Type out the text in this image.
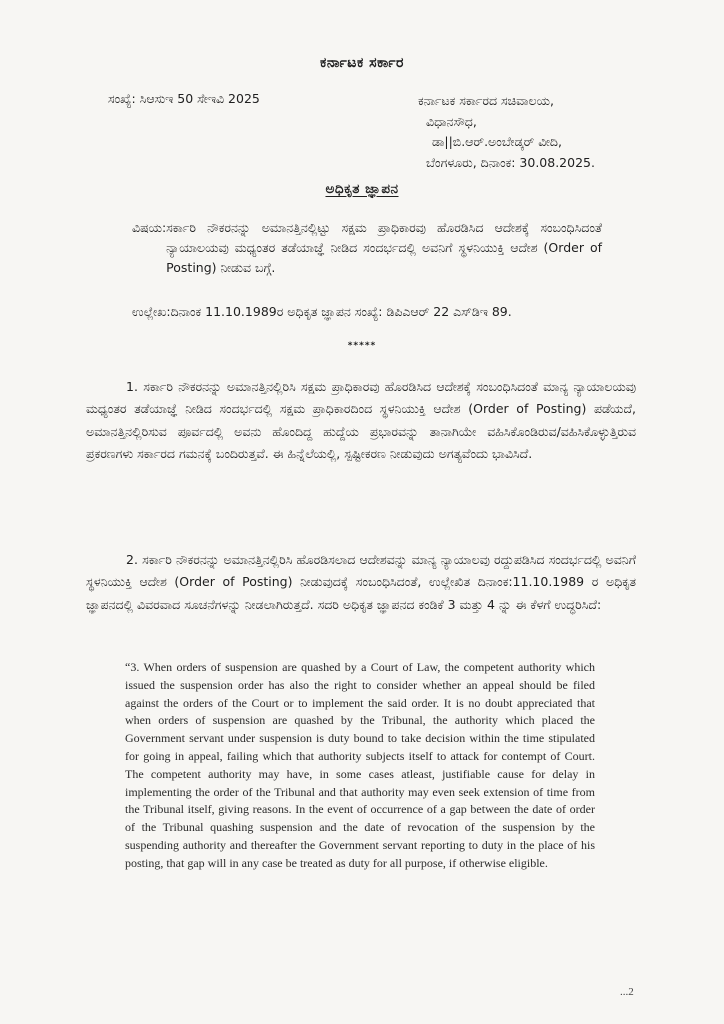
ಕರ್ನಾಟಕ ಸರ್ಕಾರ
ಸಂಖ್ಯೆ: ಸಿಆಸುಇ 50 ಸೇಇವಿ 2025	ಕರ್ನಾಟಕ ಸರ್ಕಾರದ ಸಚಿವಾಲಯ,
ವಿಧಾನಸೌಧ,
ಡಾ||ಬಿ.ಆರ್.ಅಂಬೇಡ್ಕರ್ ವೀದಿ,
ಬೆಂಗಳೂರು, ದಿನಾಂಕ: 30.08.2025.
ಅಧಿಕೃತ ಜ್ಞಾಪನ
ವಿಷಯ: ಸರ್ಕಾರಿ ನೌಕರನನ್ನು ಅಮಾನತ್ತಿನಲ್ಲಿಟ್ಟು ಸಕ್ಷಮ ಪ್ರಾಧಿಕಾರವು ಹೊರಡಿಸಿದ ಆದೇಶಕ್ಕೆ ಸಂಬಂಧಿಸಿದಂತೆ ನ್ಯಾಯಾಲಯವು ಮಧ್ಯಂತರ ತಡೆಯಾಜ್ಞೆ ನೀಡಿದ ಸಂದರ್ಭದಲ್ಲಿ ಅವನಿಗೆ ಸ್ಥಳನಿಯುಕ್ತಿ ಆದೇಶ (Order of Posting) ನೀಡುವ ಬಗ್ಗೆ.
ಉಲ್ಲೇಖ: ದಿನಾಂಕ 11.10.1989ರ ಅಧಿಕೃತ ಜ್ಞಾಪನ ಸಂಖ್ಯೆ: ಡಿಪಿಎಆರ್ 22 ಎಸ್‌ಡಿಇ 89.
*****
1. ಸರ್ಕಾರಿ ನೌಕರನನ್ನು ಅಮಾನತ್ತಿನಲ್ಲಿರಿಸಿ ಸಕ್ಷಮ ಪ್ರಾಧಿಕಾರವು ಹೊರಡಿಸಿದ ಆದೇಶಕ್ಕೆ ಸಂಬಂಧಿಸಿದಂತೆ ಮಾನ್ಯ ನ್ಯಾಯಾಲಯವು ಮಧ್ಯಂತರ ತಡೆಯಾಜ್ಞೆ ನೀಡಿದ ಸಂದರ್ಭದಲ್ಲಿ ಸಕ್ಷಮ ಪ್ರಾಧಿಕಾರದಿಂದ ಸ್ಥಳನಿಯುಕ್ತಿ ಆದೇಶ (Order of Posting) ಪಡೆಯದೆ, ಅಮಾನತ್ತಿನಲ್ಲಿರಿಸುವ ಪೂರ್ವದಲ್ಲಿ ಅವನು ಹೊಂದಿದ್ದ ಹುದ್ದೆಯ ಪ್ರಭಾರವನ್ನು ತಾನಾಗಿಯೇ ವಹಿಸಿಕೊಂಡಿರುವ/ವಹಿಸಿಕೊಳ್ಳುತ್ತಿರುವ ಪ್ರಕರಣಗಳು ಸರ್ಕಾರದ ಗಮನಕ್ಕೆ ಬಂದಿರುತ್ತವೆ. ಈ ಹಿನ್ನೆಲೆಯಲ್ಲಿ, ಸ್ಪಷ್ಟೀಕರಣ ನೀಡುವುದು ಅಗತ್ಯವೆಂದು ಭಾವಿಸಿದೆ.
2. ಸರ್ಕಾರಿ ನೌಕರನನ್ನು ಅಮಾನತ್ತಿನಲ್ಲಿರಿಸಿ ಹೊರಡಿಸಲಾದ ಆದೇಶವನ್ನು ಮಾನ್ಯ ನ್ಯಾಯಾಲವು ರದ್ದುಪಡಿಸಿದ ಸಂದರ್ಭದಲ್ಲಿ ಅವನಿಗೆ ಸ್ಥಳನಿಯುಕ್ತಿ ಆದೇಶ (Order of Posting) ನೀಡುವುದಕ್ಕೆ ಸಂಬಂಧಿಸಿದಂತೆ, ಉಲ್ಲೇಖಿತ ದಿನಾಂಕ:11.10.1989 ರ ಅಧಿಕೃತ ಜ್ಞಾಪನದಲ್ಲಿ ವಿವರವಾದ ಸೂಚನೆಗಳನ್ನು ನೀಡಲಾಗಿರುತ್ತದೆ. ಸದರಿ ಅಧಿಕೃತ ಜ್ಞಾಪನದ ಕಂಡಿಕೆ 3 ಮತ್ತು 4 ನ್ನು ಈ ಕೆಳಗೆ ಉದ್ಧರಿಸಿದೆ:
“3. When orders of suspension are quashed by a Court of Law, the competent authority which issued the suspension order has also the right to consider whether an appeal should be filed against the orders of the Court or to implement the said order. It is no doubt appreciated that when orders of suspension are quashed by the Tribunal, the authority which placed the Government servant under suspension is duty bound to take decision within the time stipulated for going in appeal, failing which that authority subjects itself to attack for contempt of Court. The competent authority may have, in some cases atleast, justifiable cause for delay in implementing the order of the Tribunal and that authority may even seek extension of time from the Tribunal itself, giving reasons. In the event of occurrence of a gap between the date of order of the Tribunal quashing suspension and the date of revocation of the suspension by the suspending authority and thereafter the Government servant reporting to duty in the place of his posting, that gap will in any case be treated as duty for all purpose, if otherwise eligible.
...2
